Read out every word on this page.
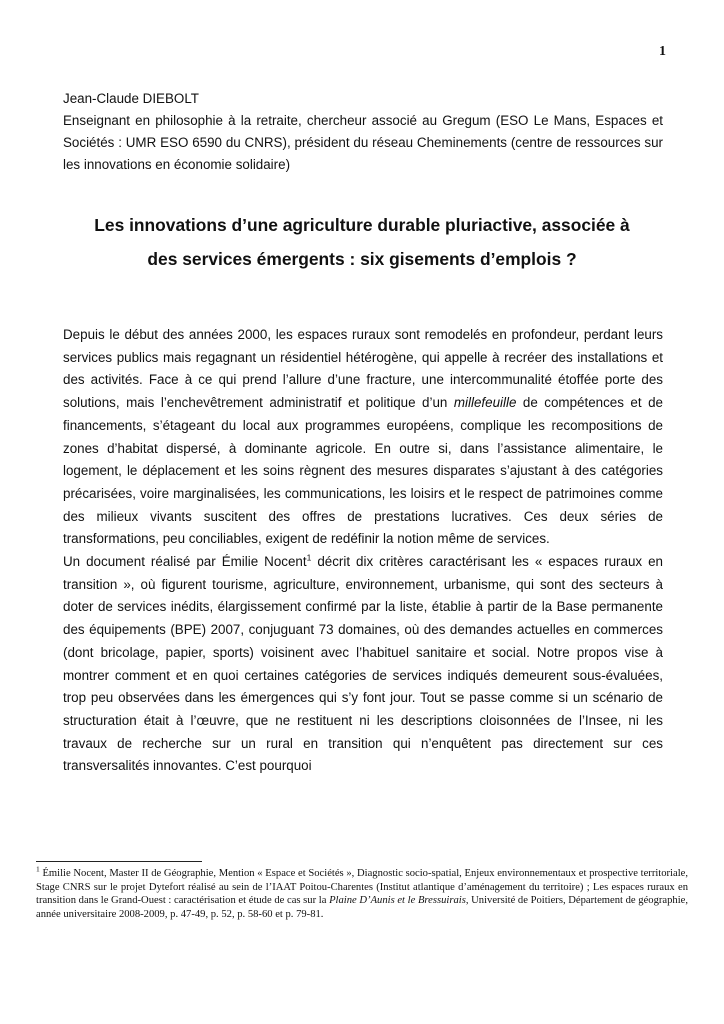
1

Jean-Claude DIEBOLT

Enseignant en philosophie à la retraite, chercheur associé au Gregum (ESO Le Mans, Espaces et Sociétés : UMR ESO 6590 du CNRS), président du réseau Cheminements (centre de ressources sur les innovations en économie solidaire)

Les innovations d’une agriculture durable pluriactive, associée à
des services émergents : six gisements d’emplois ?

Depuis le début des années 2000, les espaces ruraux sont remodelés en profondeur, perdant leurs services publics mais regagnant un résidentiel hétérogène, qui appelle à recréer des installations et des activités. Face à ce qui prend l’allure d’une fracture, une intercommunalité étoffée porte des solutions, mais l’enchevêtrement administratif et politique d’un millefeuille de compétences et de financements, s’étageant du local aux programmes européens, complique les recompositions de zones d’habitat dispersé, à dominante agricole. En outre si, dans l’assistance alimentaire, le logement, le déplacement et les soins règnent des mesures disparates s’ajustant à des catégories précarisées, voire marginalisées, les communications, les loisirs et le respect de patrimoines comme des milieux vivants suscitent des offres de prestations lucratives. Ces deux séries de transformations, peu conciliables, exigent de redéfinir la notion même de services.

Un document réalisé par Émilie Nocent$^1$ décrit dix critères caractérisant les « espaces ruraux en transition », où figurent tourisme, agriculture, environnement, urbanisme, qui sont des secteurs à doter de services inédits, élargissement confirmé par la liste, établie à partir de la Base permanente des équipements (BPE) 2007, conjuguant 73 domaines, où des demandes actuelles en commerces (dont bricolage, papier, sports) voisinent avec l’habituel sanitaire et social. Notre propos vise à montrer comment et en quoi certaines catégories de services indiqués demeurent sous-évaluées, trop peu observées dans les émergences qui s’y font jour. Tout se passe comme si un scénario de structuration était à l’œuvre, que ne restituent ni les descriptions cloisonnées de l’Insee, ni les travaux de recherche sur un rural en transition qui n’enquêtent pas directement sur ces transversalités innovantes. C’est pourquoi

$^1$ Émilie Nocent, Master II de Géographie, Mention « Espace et Sociétés », Diagnostic socio-spatial, Enjeux environnementaux et prospective territoriale, Stage CNRS sur le projet Dytefort réalisé au sein de l’IAAT Poitou-Charentes (Institut atlantique d’aménagement du territoire) ; Les espaces ruraux en transition dans le Grand-Ouest : caractérisation et étude de cas sur la Plaine D’Aunis et le Bressuirais, Université de Poitiers, Département de géographie, année universitaire 2008-2009, p. 47-49, p. 52, p. 58-60 et p. 79-81.
